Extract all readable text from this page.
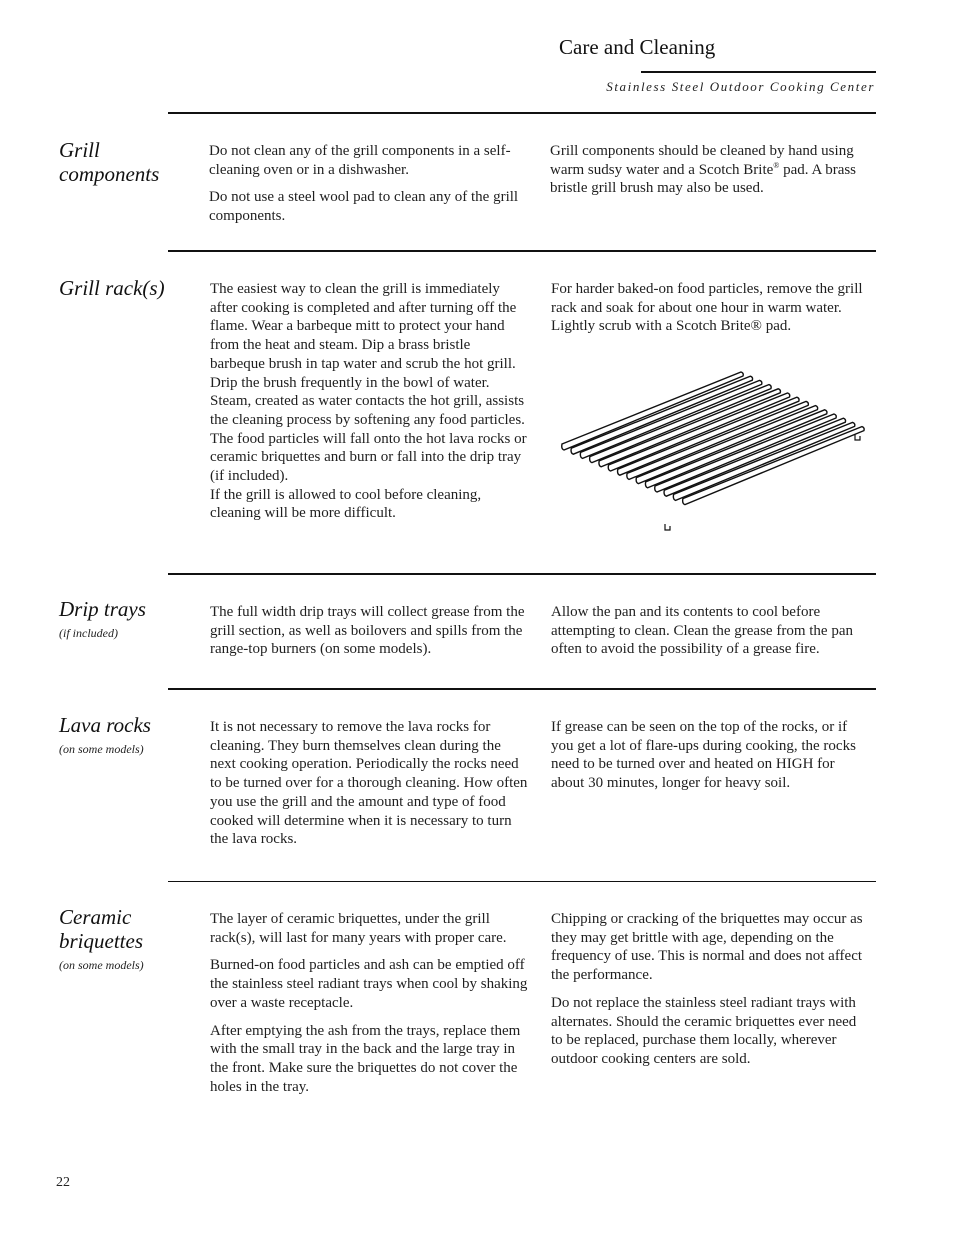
Care and Cleaning
Stainless Steel Outdoor Cooking Center
Grill
components

Do not clean any of the grill components in a self-cleaning oven or in a dishwasher.

Do not use a steel wool pad to clean any of the grill components.

Grill components should be cleaned by hand using warm sudsy water and a Scotch Brite® pad. A brass bristle grill brush may also be used.

Grill rack(s)	The easiest way to clean the grill is immediately after cooking is completed and after turning off the flame. Wear a barbeque mitt to protect your hand from the heat and steam. Dip a brass bristle barbeque brush in tap water and scrub the hot grill. Drip the brush frequently in the bowl of water. Steam, created as water contacts the hot grill, assists the cleaning process by softening any food particles. The food particles will fall onto the hot lava rocks or ceramic briquettes and burn or fall into the drip tray (if included).

If the grill is allowed to cool before cleaning, cleaning will be more difficult.

For harder baked-on food particles, remove the grill rack and soak for about one hour in warm water. Lightly scrub with a Scotch Brite® pad.

Drip trays
(if included)

The full width drip trays will collect grease from the grill section, as well as boilovers and spills from the range-top burners (on some models).

Allow the pan and its contents to cool before attempting to clean. Clean the grease from the pan often to avoid the possibility of a grease fire.

Lava rocks
(on some models)

It is not necessary to remove the lava rocks for cleaning. They burn themselves clean during the next cooking operation. Periodically the rocks need to be turned over for a thorough cleaning. How often you use the grill and the amount and type of food cooked will determine when it is necessary to turn the lava rocks.

If grease can be seen on the top of the rocks, or if you get a lot of flare-ups during cooking, the rocks need to be turned over and heated on HIGH for about 30 minutes, longer for heavy soil.

Ceramic
briquettes
(on some models)

The layer of ceramic briquettes, under the grill rack(s), will last for many years with proper care.

Burned-on food particles and ash can be emptied off the stainless steel radiant trays when cool by shaking over a waste receptacle.

After emptying the ash from the trays, replace them with the small tray in the back and the large tray in the front. Make sure the briquettes do not cover the holes in the tray.

Chipping or cracking of the briquettes may occur as they may get brittle with age, depending on the frequency of use. This is normal and does not affect the performance.

Do not replace the stainless steel radiant trays with alternates. Should the ceramic briquettes ever need to be replaced, purchase them locally, wherever outdoor cooking centers are sold.

22
